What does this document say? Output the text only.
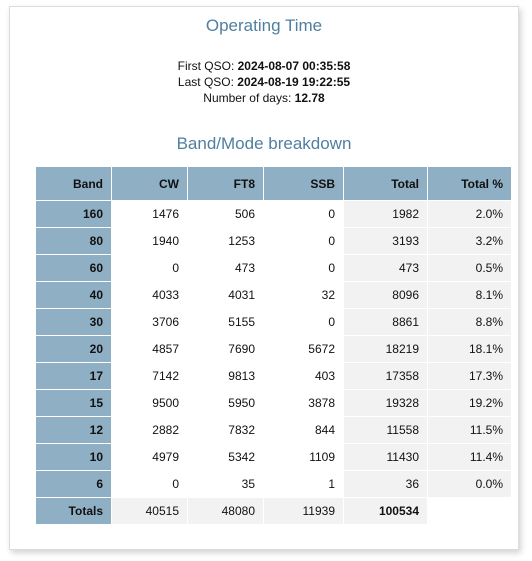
Operating Time
First QSO: 2024-08-07 00:35:58
Last QSO: 2024-08-19 19:22:55
Number of days: 12.78
Band/Mode breakdown
Band	CW	FT8	SSB	Total	Total %
160	1476	506	0	1982	2.0%
80	1940	1253	0	3193	3.2%
60	0	473	0	473	0.5%
40	4033	4031	32	8096	8.1%
30	3706	5155	0	8861	8.8%
20	4857	7690	5672	18219	18.1%
17	7142	9813	403	17358	17.3%
15	9500	5950	3878	19328	19.2%
12	2882	7832	844	11558	11.5%
10	4979	5342	1109	11430	11.4%
6	0	35	1	36	0.0%
Totals	40515	48080	11939	100534	
